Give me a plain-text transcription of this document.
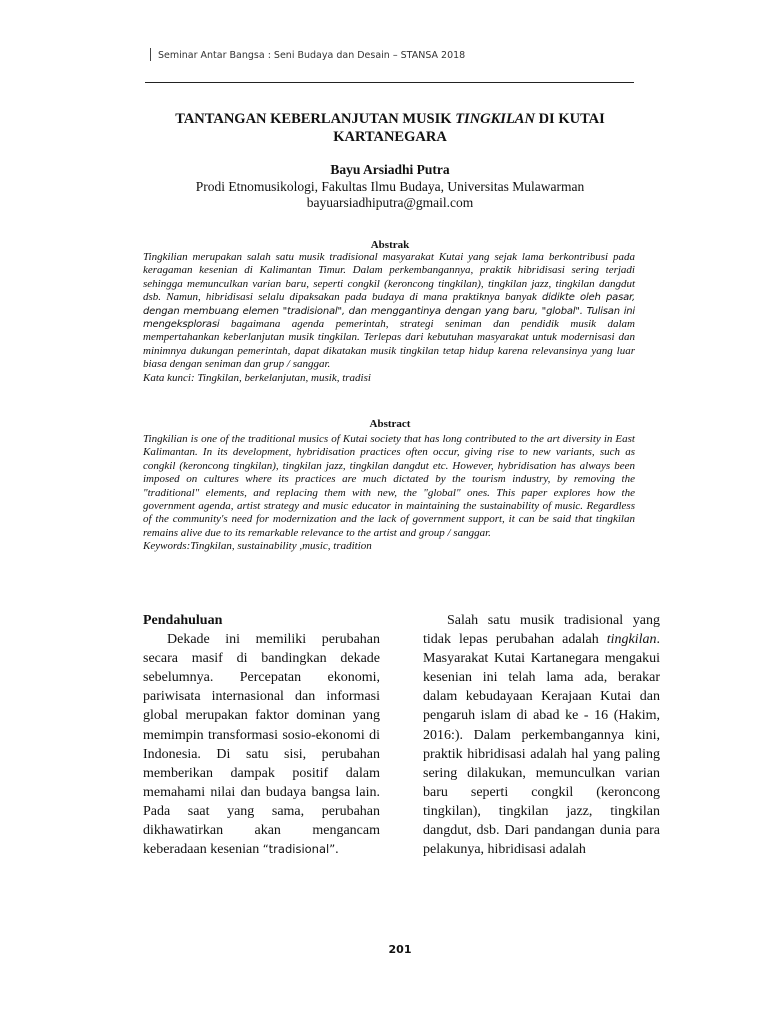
Seminar Antar Bangsa : Seni Budaya dan Desain – STANSA 2018
TANTANGAN KEBERLANJUTAN MUSIK TINGKILAN DI KUTAI KARTANEGARA
Bayu Arsiadhi Putra
Prodi Etnomusikologi, Fakultas Ilmu Budaya, Universitas Mulawarman
bayuarsiadhiputra@gmail.com
Abstrak

Tingkilian merupakan salah satu musik tradisional masyarakat Kutai yang sejak lama berkontribusi pada keragaman kesenian di Kalimantan Timur. Dalam perkembangannya, praktik hibridisasi sering terjadi sehingga memunculkan varian baru, seperti congkil (keroncong tingkilan), tingkilan jazz, tingkilan dangdut dsb. Namun, hibridisasi selalu dipaksakan pada budaya di mana praktiknya banyak didikte oleh pasar, dengan membuang elemen "tradisional", dan menggantinya dengan yang baru, "global". Tulisan ini mengeksplorasi bagaimana agenda pemerintah, strategi seniman dan pendidik musik dalam mempertahankan keberlanjutan musik tingkilan. Terlepas dari kebutuhan masyarakat untuk modernisasi dan minimnya dukungan pemerintah, dapat dikatakan musik tingkilan tetap hidup karena relevansinya yang luar biasa dengan seniman dan grup / sanggar.

Kata kunci: Tingkilan, berkelanjutan, musik, tradisi

Abstract

Tingkilian is one of the traditional musics of Kutai society that has long contributed to the art diversity in East Kalimantan. In its development, hybridisation practices often occur, giving rise to new variants, such as congkil (keroncong tingkilan), tingkilan jazz, tingkilan dangdut etc. However, hybridisation has always been imposed on cultures where its practices are much dictated by the tourism industry, by removing the "traditional" elements, and replacing them with new, the "global" ones. This paper explores how the government agenda, artist strategy and music educator in maintaining the sustainability of music. Regardless of the community's need for modernization and the lack of government support, it can be said that tingkilan remains alive due to its remarkable relevance to the artist and group / sanggar.

Keywords:Tingkilan, sustainability ,music, tradition

Pendahuluan

Dekade ini memiliki perubahan secara masif di bandingkan dekade sebelumnya. Percepatan ekonomi, pariwisata internasional dan informasi global merupakan faktor dominan yang memimpin transformasi sosio-ekonomi di Indonesia. Di satu sisi, perubahan memberikan dampak positif dalam memahami nilai dan budaya bangsa lain. Pada saat yang sama, perubahan dikhawatirkan akan mengancam keberadaan kesenian “tradisional”.

Salah satu musik tradisional yang tidak lepas perubahan adalah tingkilan. Masyarakat Kutai Kartanegara mengakui kesenian ini telah lama ada, berakar dalam kebudayaan Kerajaan Kutai dan pengaruh islam di abad ke - 16 (Hakim, 2016:). Dalam perkembangannya kini, praktik hibridisasi adalah hal yang paling sering dilakukan, memunculkan varian baru seperti congkil (keroncong tingkilan), tingkilan jazz, tingkilan dangdut, dsb. Dari pandangan dunia para pelakunya, hibridisasi adalah

201
